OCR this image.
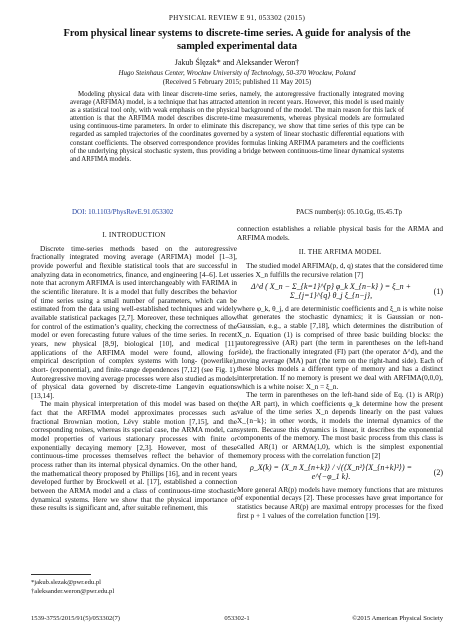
PHYSICAL REVIEW E 91, 053302 (2015)
From physical linear systems to discrete-time series. A guide for analysis of the sampled experimental data
Jakub Ślęzak* and Aleksander Weron†
Hugo Steinhaus Center, Wrocław University of Technology, 50-370 Wrocław, Poland
(Received 5 February 2015; published 11 May 2015)
Modeling physical data with linear discrete-time series, namely, the autoregressive fractionally integrated moving average (ARFIMA) model, is a technique that has attracted attention in recent years. However, this model is used mainly as a statistical tool only, with weak emphasis on the physical background of the model. The main reason for this lack of attention is that the ARFIMA model describes discrete-time measurements, whereas physical models are formulated using continuous-time parameters. In order to eliminate this discrepancy, we show that time series of this type can be regarded as sampled trajectories of the coordinates governed by a system of linear stochastic differential equations with constant coefficients. The observed correspondence provides formulas linking ARFIMA parameters and the coefficients of the underlying physical stochastic system, thus providing a bridge between continuous-time linear dynamical systems and ARFIMA models.
DOI: 10.1103/PhysRevE.91.053302	PACS number(s): 05.10.Gg, 05.45.Tp
I. INTRODUCTION

Discrete time-series methods based on the autoregressive fractionally integrated moving average (ARFIMA) model [1–3], provide powerful and flexible statistical tools that are successful in analyzing data in econometrics, finance, and engineering [4–6]. Let us note that acronym ARFIMA is used interchangeably with FARIMA in the scientific literature. It is a model that fully describes the behavior of time series using a small number of parameters, which can be estimated from the data using well-established techniques and widely available statistical packages [2,7]. Moreover, these techniques allow for control of the estimation’s quality, checking the correctness of the model or even forecasting future values of the time series. In recent years, new physical [8,9], biological [10], and medical [11] applications of the ARFIMA model were found, allowing for empirical description of complex systems with long- (powerlike), short- (exponential), and finite-range dependences [7,12] (see Fig. 1). Autoregressive moving average processes were also studied as models of physical data governed by discrete-time Langevin equations [13,14].

The main physical interpretation of this model was based on the fact that the ARFIMA model approximates processes such as fractional Brownian motion, Lévy stable motion [7,15], and the corresponding noises, whereas its special case, the ARMA model, can model properties of various stationary processes with finite or exponentially decaying memory [2,3]. However, most of these continuous-time processes themselves reflect the behavior of the process rather than its internal physical dynamics. On the other hand, the mathematical theory proposed by Phillips [16], and in recent years developed further by Brockwell et al. [17], established a connection between the ARMA model and a class of continuous-time stochastic dynamical systems. Here we show that the physical importance of these results is significant and, after suitable refinement, this

connection establishes a reliable physical basis for the ARMA and ARFIMA models.

II. THE ARFIMA MODEL

The studied model ARFIMA(p, d, q) states that the considered time series X_n fulfills the recursive relation [7]

Δ^d ( X_n − Σ_{k=1}^{p} φ_k X_{n−k} ) = ξ_n + Σ_{j=1}^{q} θ_j ξ_{n−j},	(1)

where φ_k, θ_j, d are deterministic coefficients and ξ_n is white noise that generates the stochastic dynamics; it is Gaussian or non-Gaussian, e.g., a stable [7,18], which determines the distribution of X_n. Equation (1) is comprised of three basic building blocks: the autoregressive (AR) part (the term in parentheses on the left-hand side), the fractionally integrated (FI) part (the operator Δ^d), and the moving average (MA) part (the term on the right-hand side). Each of these blocks models a different type of memory and has a distinct interpretation. If no memory is present we deal with ARFIMA(0,0,0), which is a white noise: X_n = ξ_n.

The term in parentheses on the left-hand side of Eq. (1) is AR(p) (the AR part), in which coefficients φ_k determine how the present value of the time series X_n depends linearly on the past values X_{n−k}; in other words, it models the internal dynamics of the system. Because this dynamics is linear, it describes the exponential components of the memory. The most basic process from this class is called AR(1) or ARMA(1,0), which is the simplest exponential memory process with the correlation function [2]

ρ_X(k) = ⟨X_n X_{n+k}⟩ / √(⟨X_n²⟩⟨X_{n+k}²⟩) = e^{−φ_1 k}.	(2)

More general AR(p) models have memory functions that are mixtures of exponential decays [2]. These processes have great importance for statistics because AR(p) are maximal entropy processes for the fixed first p + 1 values of the correlation function [19].

*jakub.slezak@pwr.edu.pl
†aleksander.weron@pwr.edu.pl
1539-3755/2015/91(5)/053302(7)	053302-1	©2015 American Physical Society
